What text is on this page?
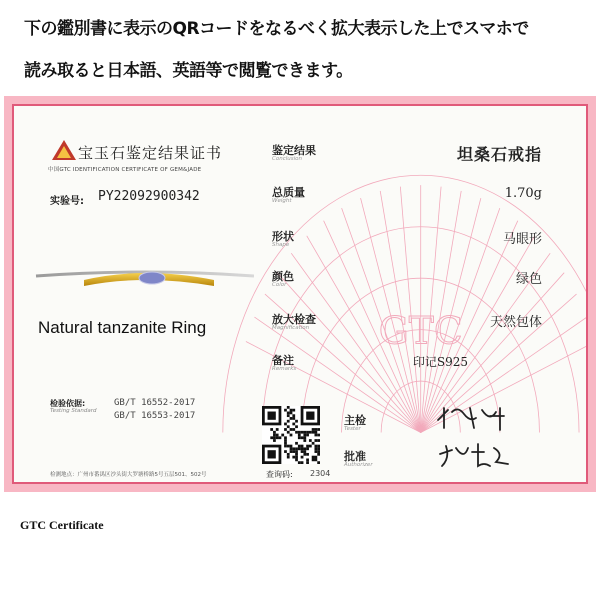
下の鑑別書に表示のQRコードをなるべく拡大表示した上でスマホで
読み取ると日本語、英語等で閲覧できます。
GTC
宝玉石鉴定结果证书
中国GTC IDENTIFICATION CERTIFICATE OF GEM&JADE
实验号: PY22092900342
检验依据:
Testing Standard
GB/T 16552-2017
GB/T 16553-2017
检测地点：广州市番禺区沙头街大罗塘桥路5号五层501、502号
鉴定结果
Conclusion	坦桑石戒指
总质量
Weight	1.70g
形状
Shape	马眼形
颜色
Color	绿色
放大检查
Magnification	天然包体
备注
Remarks	印记S925
查询码: 2304
主检
Tester
批准
Authorizer
Natural tanzanite Ring
GTC Certificate
